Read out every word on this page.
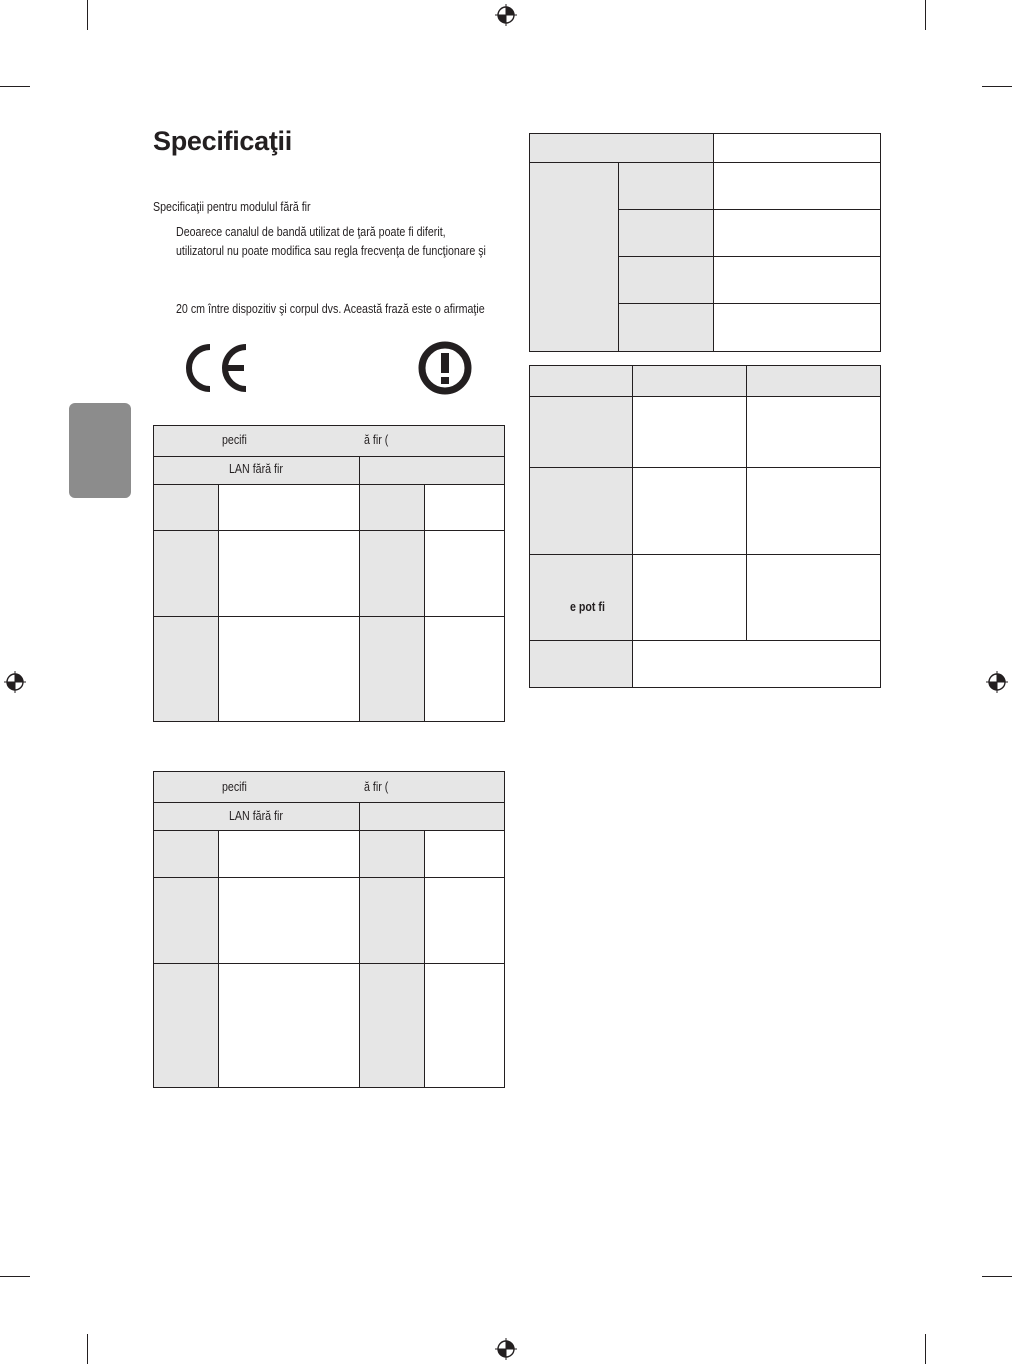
Specificaţii
Specificaţii pentru modulul fără fir
Deoarece canalul de bandă utilizat de ţară poate fi diferit,
utilizatorul nu poate modifica sau regla frecvenţa de funcţionare şi
20 cm între dispozitiv şi corpul dvs. Această frază este o afirmaţie
pecifi	ă fir (
LAN fără fir
pecifi	ă fir (
LAN fără fir
e pot fi
